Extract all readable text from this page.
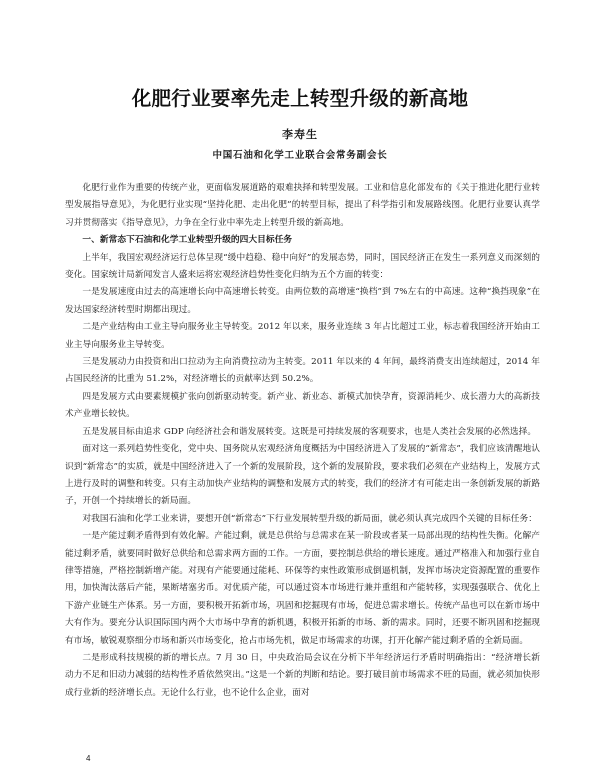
化肥行业要率先走上转型升级的新高地
李寿生
中国石油和化学工业联合会常务副会长

化肥行业作为重要的传统产业，更面临发展道路的艰难抉择和转型发展。工业和信息化部发布的《关于推进化肥行业转型发展指导意见》，为化肥行业实现“坚持化肥、走出化肥”的转型目标，提出了科学指引和发展路线图。化肥行业要认真学习并贯彻落实《指导意见》，力争在全行业中率先走上转型升级的新高地。

一、新常态下石油和化学工业转型升级的四大目标任务

上半年，我国宏观经济运行总体呈现“缓中趋稳、稳中向好”的发展态势，同时，国民经济正在发生一系列意义而深刻的变化。国家统计局新闻发言人盛来运将宏观经济趋势性变化归纳为五个方面的转变：

一是发展速度由过去的高速增长向中高速增长转变。由两位数的高增速“换档”到 7%左右的中高速。这种“换挡现象”在发达国家经济转型时期都出现过。

二是产业结构由工业主导向服务业主导转变。2012 年以来，服务业连续 3 年占比超过工业，标志着我国经济开始由工业主导向服务业主导转变。

三是发展动力由投资和出口拉动为主向消费拉动为主转变。2011 年以来的 4 年间，最终消费支出连续超过，2014 年占国民经济的比重为 51.2%，对经济增长的贡献率达到 50.2%。

四是发展方式由要素规模扩张向创新驱动转变。新产业、新业态、新模式加快孕育，资源消耗少、成长潜力大的高新技术产业增长较快。

五是发展目标由追求 GDP 向经济社会和谐发展转变。这既是可持续发展的客观要求，也是人类社会发展的必然选择。

面对这一系列趋势性变化，党中央、国务院从宏观经济角度概括为中国经济进入了发展的“新常态”，我们应该清醒地认识到“新常态”的实质，就是中国经济进入了一个新的发展阶段，这个新的发展阶段，要求我们必须在产业结构上，发展方式上进行及时的调整和转变。只有主动加快产业结构的调整和发展方式的转变，我们的经济才有可能走出一条创新发展的新路子，开创一个持续增长的新局面。

对我国石油和化学工业来讲，要想开创“新常态”下行业发展转型升级的新局面，就必须认真完成四个关键的目标任务：

一是产能过剩矛盾得到有效化解。产能过剩，就是总供给与总需求在某一阶段或者某一局部出现的结构性失衡。化解产能过剩矛盾，就要同时做好总供给和总需求两方面的工作。一方面，要控制总供给的增长速度。通过严格准入和加强行业自律等措施，严格控制新增产能。对现有产能要通过能耗、环保等约束性政策形成倒逼机制，发挥市场决定资源配置的重要作用，加快淘汰落后产能，果断堵塞劣币。对优质产能，可以通过资本市场进行兼并重组和产能转移，实现强强联合、优化上下游产业链生产体系。另一方面，要积极开拓新市场，巩固和挖掘现有市场，促进总需求增长。传统产品也可以在新市场中大有作为。要充分认识国际国内两个大市场中孕育的新机遇，积极开拓新的市场、新的需求。同时，还要不断巩固和挖掘现有市场，敏锐观察细分市场和新兴市场变化，抢占市场先机，做足市场需求的功课，打开化解产能过剩矛盾的全新局面。

二是形成科技规模的新的增长点。7 月 30 日，中央政治局会议在分析下半年经济运行矛盾时明确指出：“经济增长新动力不足和旧动力减弱的结构性矛盾依然突出。”这是一个新的判断和结论。要打破目前市场需求不旺的局面，就必须加快形成行业新的经济增长点。无论什么行业，也不论什么企业，面对

4
